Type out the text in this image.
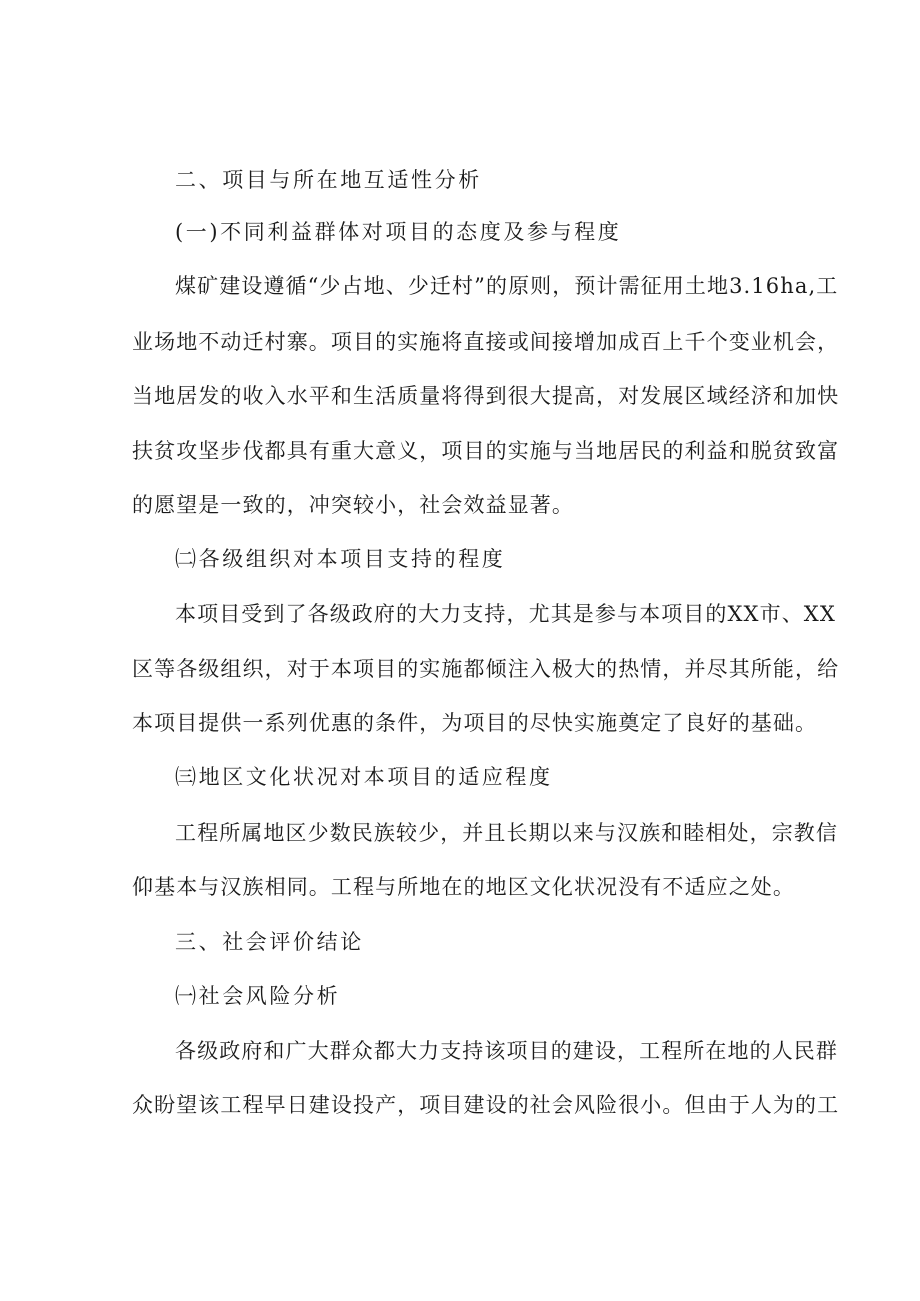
二、项目与所在地互适性分析
(一)不同利益群体对项目的态度及参与程度
煤矿建设遵循“少占地、少迁村”的原则，预计需征用土地3.16ha,工
业场地不动迁村寨。项目的实施将直接或间接增加成百上千个变业机会，
当地居发的收入水平和生活质量将得到很大提高，对发展区域经济和加快
扶贫攻坚步伐都具有重大意义，项目的实施与当地居民的利益和脱贫致富
的愿望是一致的，冲突较小，社会效益显著。
㈡各级组织对本项目支持的程度
本项目受到了各级政府的大力支持，尤其是参与本项目的XX市、XX
区等各级组织，对于本项目的实施都倾注入极大的热情，并尽其所能，给
本项目提供一系列优惠的条件，为项目的尽快实施奠定了良好的基础。
㈢地区文化状况对本项目的适应程度
工程所属地区少数民族较少，并且长期以来与汉族和睦相处，宗教信
仰基本与汉族相同。工程与所地在的地区文化状况没有不适应之处。
三、社会评价结论
㈠社会风险分析
各级政府和广大群众都大力支持该项目的建设，工程所在地的人民群
众盼望该工程早日建设投产，项目建设的社会风险很小。但由于人为的工
